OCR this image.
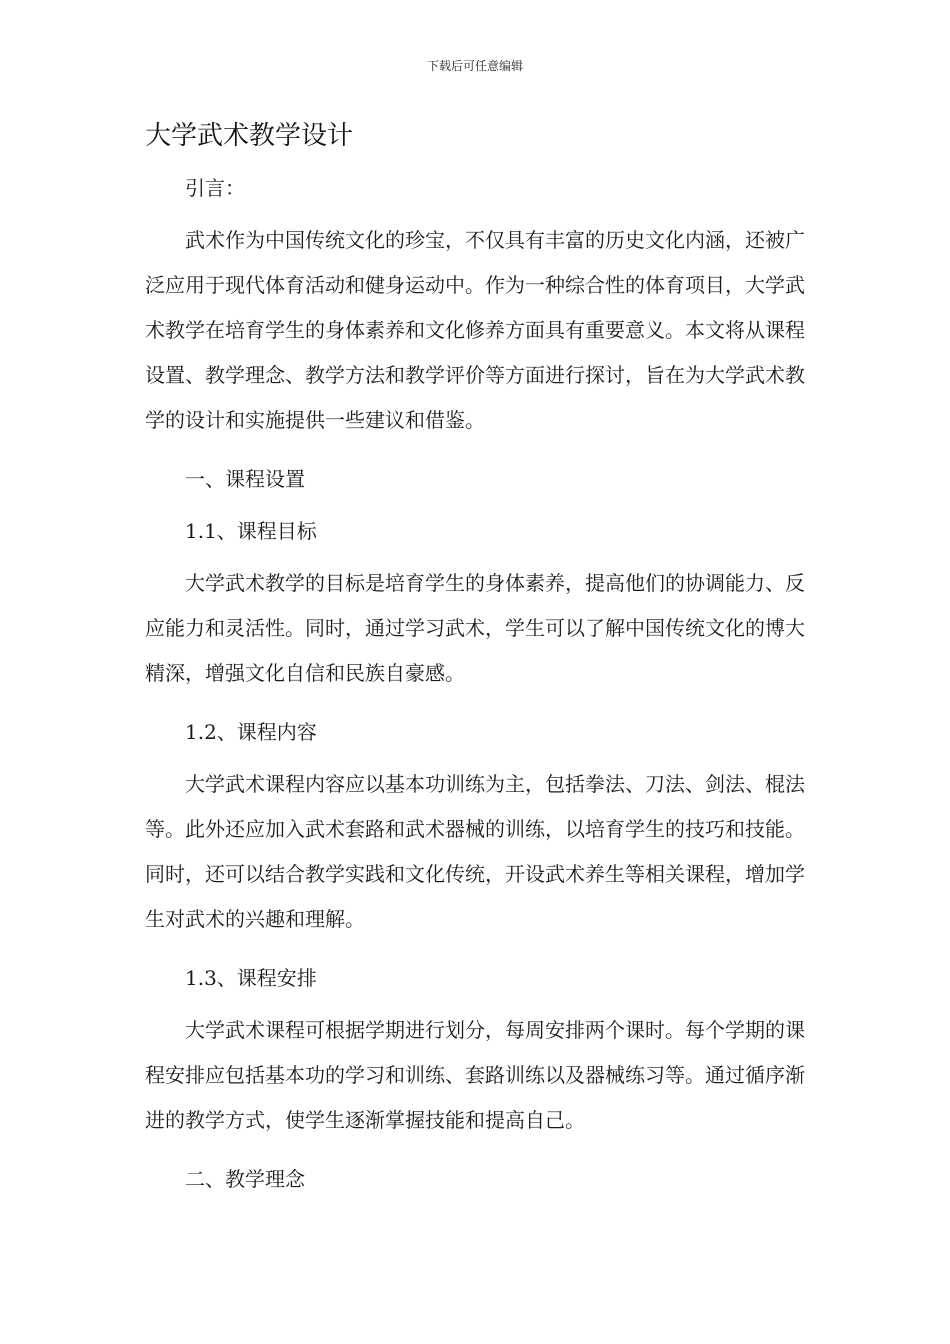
下载后可任意编辑
大学武术教学设计

引言：

武术作为中国传统文化的珍宝，不仅具有丰富的历史文化内涵，还被广泛应用于现代体育活动和健身运动中。作为一种综合性的体育项目，大学武术教学在培育学生的身体素养和文化修养方面具有重要意义。本文将从课程设置、教学理念、教学方法和教学评价等方面进行探讨，旨在为大学武术教学的设计和实施提供一些建议和借鉴。

一、课程设置

1.1、课程目标

大学武术教学的目标是培育学生的身体素养，提高他们的协调能力、反应能力和灵活性。同时，通过学习武术，学生可以了解中国传统文化的博大精深，增强文化自信和民族自豪感。

1.2、课程内容

大学武术课程内容应以基本功训练为主，包括拳法、刀法、剑法、棍法等。此外还应加入武术套路和武术器械的训练，以培育学生的技巧和技能。同时，还可以结合教学实践和文化传统，开设武术养生等相关课程，增加学生对武术的兴趣和理解。

1.3、课程安排

大学武术课程可根据学期进行划分，每周安排两个课时。每个学期的课程安排应包括基本功的学习和训练、套路训练以及器械练习等。通过循序渐进的教学方式，使学生逐渐掌握技能和提高自己。

二、教学理念
